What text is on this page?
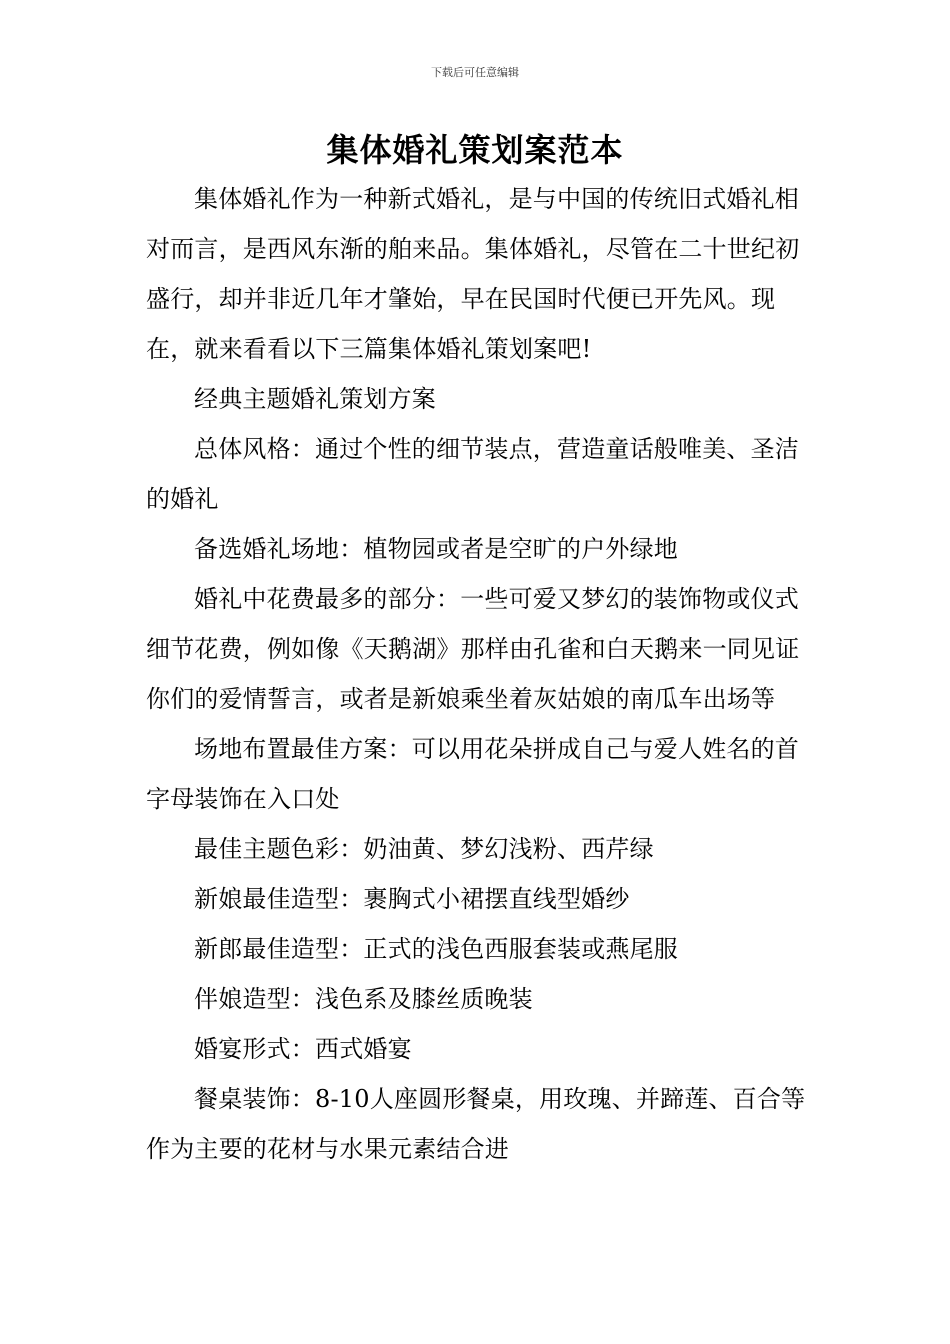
下载后可任意编辑
集体婚礼策划案范本

集体婚礼作为一种新式婚礼，是与中国的传统旧式婚礼相对而言，是西风东渐的舶来品。集体婚礼，尽管在二十世纪初盛行，却并非近几年才肇始，早在民国时代便已开先风。现在，就来看看以下三篇集体婚礼策划案吧!

经典主题婚礼策划方案

总体风格：通过个性的细节装点，营造童话般唯美、圣洁的婚礼

备选婚礼场地：植物园或者是空旷的户外绿地

婚礼中花费最多的部分：一些可爱又梦幻的装饰物或仪式细节花费，例如像《天鹅湖》那样由孔雀和白天鹅来一同见证你们的爱情誓言，或者是新娘乘坐着灰姑娘的南瓜车出场等

场地布置最佳方案：可以用花朵拼成自己与爱人姓名的首字母装饰在入口处

最佳主题色彩：奶油黄、梦幻浅粉、西芹绿

新娘最佳造型：裹胸式小裙摆直线型婚纱

新郎最佳造型：正式的浅色西服套装或燕尾服

伴娘造型：浅色系及膝丝质晚装

婚宴形式：西式婚宴

餐桌装饰：8-10人座圆形餐桌，用玫瑰、并蹄莲、百合等作为主要的花材与水果元素结合进
